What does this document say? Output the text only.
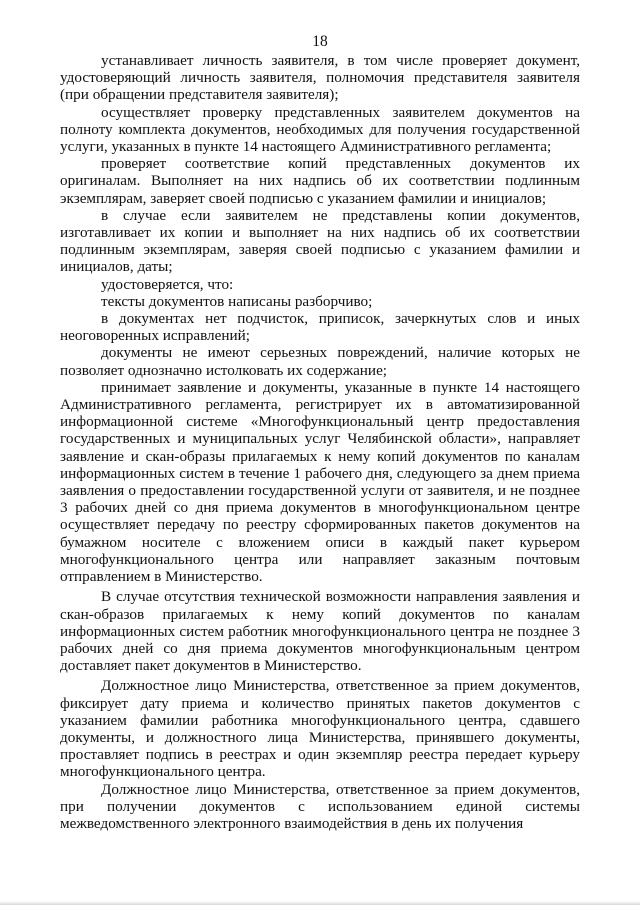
18

устанавливает личность заявителя, в том числе проверяет документ, удостоверяющий личность заявителя, полномочия представителя заявителя (при обращении представителя заявителя);

осуществляет проверку представленных заявителем документов на полноту комплекта документов, необходимых для получения государственной услуги, указанных в пункте 14 настоящего Административного регламента;

проверяет соответствие копий представленных документов их оригиналам. Выполняет на них надпись об их соответствии подлинным экземплярам, заверяет своей подписью с указанием фамилии и инициалов;

в случае если заявителем не представлены копии документов, изготавливает их копии и выполняет на них надпись об их соответствии подлинным экземплярам, заверяя своей подписью с указанием фамилии и инициалов, даты;

удостоверяется, что:

тексты документов написаны разборчиво;

в документах нет подчисток, приписок, зачеркнутых слов и иных неоговоренных исправлений;

документы не имеют серьезных повреждений, наличие которых не позволяет однозначно истолковать их содержание;

принимает заявление и документы, указанные в пункте 14 настоящего Административного регламента, регистрирует их в автоматизированной информационной системе «Многофункциональный центр предоставления государственных и муниципальных услуг Челябинской области», направляет заявление и скан-образы прилагаемых к нему копий документов по каналам информационных систем в течение 1 рабочего дня, следующего за днем приема заявления о предоставлении государственной услуги от заявителя, и не позднее 3 рабочих дней со дня приема документов в многофункциональном центре осуществляет передачу по реестру сформированных пакетов документов на бумажном носителе с вложением описи в каждый пакет курьером многофункционального центра или направляет заказным почтовым отправлением в Министерство.

В случае отсутствия технической возможности направления заявления и скан-образов прилагаемых к нему копий документов по каналам информационных систем работник многофункционального центра не позднее 3 рабочих дней со дня приема документов многофункциональным центром доставляет пакет документов в Министерство.

Должностное лицо Министерства, ответственное за прием документов, фиксирует дату приема и количество принятых пакетов документов с указанием фамилии работника многофункционального центра, сдавшего документы, и должностного лица Министерства, принявшего документы, проставляет подпись в реестрах и один экземпляр реестра передает курьеру многофункционального центра.

Должностное лицо Министерства, ответственное за прием документов, при получении документов с использованием единой системы межведомственного электронного взаимодействия в день их получения
